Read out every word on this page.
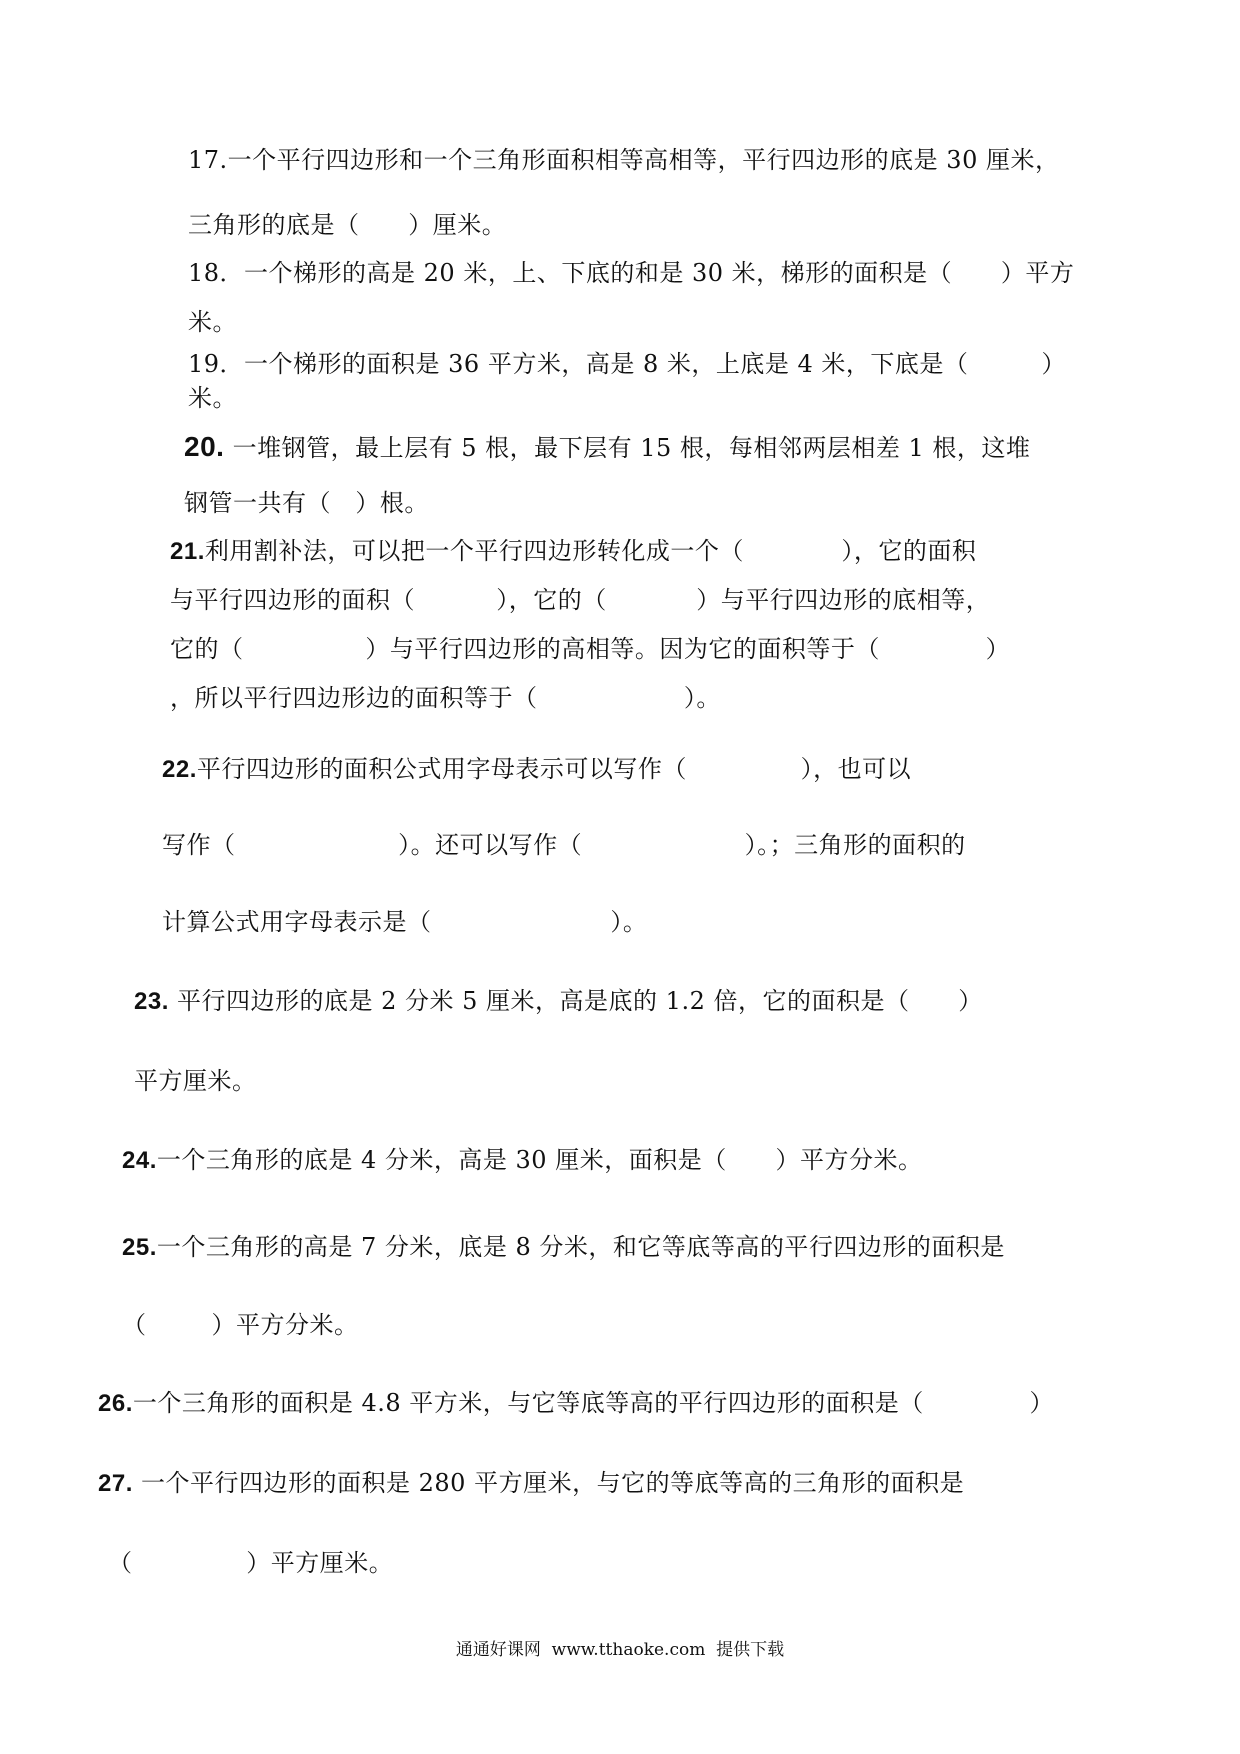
17.一个平行四边形和一个三角形面积相等高相等，平行四边形的底是 30 厘米，
三角形的底是（      ）厘米。
18．一个梯形的高是 20 米，上、下底的和是 30 米，梯形的面积是（      ）平方
米。
19．一个梯形的面积是 36 平方米，高是 8 米，上底是 4 米，下底是（         ）
米。
20. 一堆钢管，最上层有 5 根，最下层有 15 根，每相邻两层相差 1 根，这堆
钢管一共有（   ）根。
21.利用割补法，可以把一个平行四边形转化成一个（            ），它的面积
与平行四边形的面积（          ），它的（           ）与平行四边形的底相等，
它的（               ）与平行四边形的高相等。因为它的面积等于（             ）
，所以平行四边形边的面积等于（                  ）。
22.平行四边形的面积公式用字母表示可以写作（              ），也可以
写作（                    ）。还可以写作（                    ）。；三角形的面积的
计算公式用字母表示是（                      ）。
23. 平行四边形的底是 2 分米 5 厘米，高是底的 1.2 倍，它的面积是（      ）
平方厘米。
24.一个三角形的底是 4 分米，高是 30 厘米，面积是（      ）平方分米。
25.一个三角形的高是 7 分米，底是 8 分米，和它等底等高的平行四边形的面积是
（        ）平方分米。
26.一个三角形的面积是 4.8 平方米，与它等底等高的平行四边形的面积是（             ）
27. 一个平行四边形的面积是 280 平方厘米，与它的等底等高的三角形的面积是
（              ）平方厘米。
通通好课网  www.tthaoke.com  提供下载
